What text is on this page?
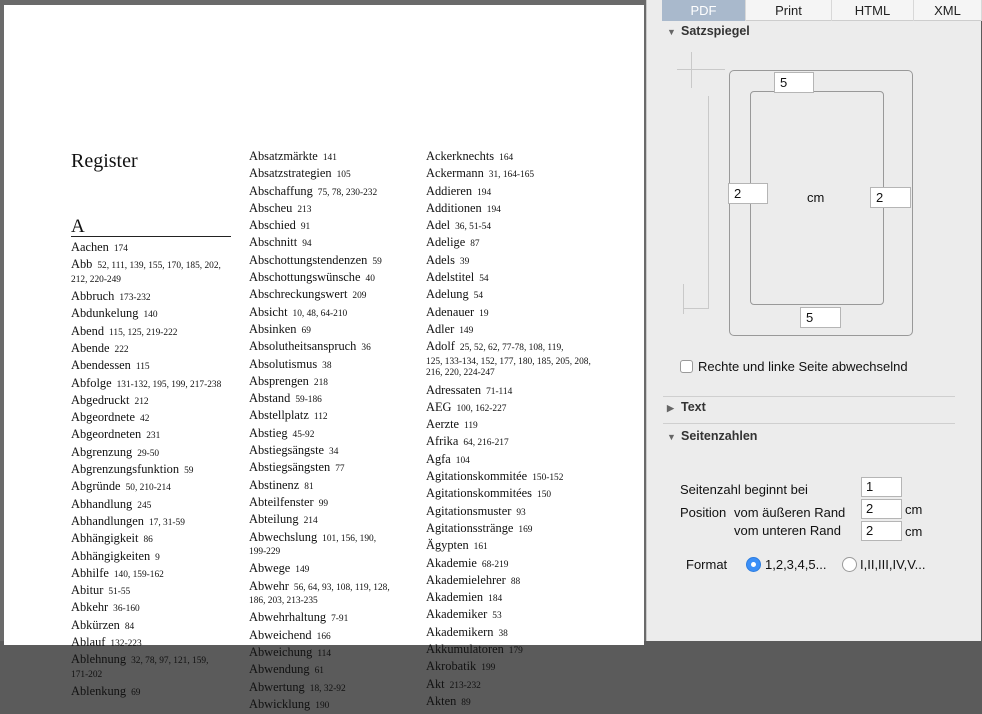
Register
A
Aachen 174
Abb 52, 111, 139, 155, 170, 185, 202,
212, 220-249
Abbruch 173-232
Abdunkelung 140
Abend 115, 125, 219-222
Abende 222
Abendessen 115
Abfolge 131-132, 195, 199, 217-238
Abgedruckt 212
Abgeordnete 42
Abgeordneten 231
Abgrenzung 29-50
Abgrenzungsfunktion 59
Abgründe 50, 210-214
Abhandlung 245
Abhandlungen 17, 31-59
Abhängigkeit 86
Abhängigkeiten 9
Abhilfe 140, 159-162
Abitur 51-55
Abkehr 36-160
Abkürzen 84
Ablauf 132-223
Ablehnung 32, 78, 97, 121, 159,
171-202
Ablenkung 69
Absatzmärkte 141
Absatzstrategien 105
Abschaffung 75, 78, 230-232
Abscheu 213
Abschied 91
Abschnitt 94
Abschottungstendenzen 59
Abschottungswünsche 40
Abschreckungswert 209
Absicht 10, 48, 64-210
Absinken 69
Absolutheitsanspruch 36
Absolutismus 38
Absprengen 218
Abstand 59-186
Abstellplatz 112
Abstieg 45-92
Abstiegsängste 34
Abstiegsängsten 77
Abstinenz 81
Abteilfenster 99
Abteilung 214
Abwechslung 101, 156, 190,
199-229
Abwege 149
Abwehr 56, 64, 93, 108, 119, 128,
186, 203, 213-235
Abwehrhaltung 7-91
Abweichend 166
Abweichung 114
Abwendung 61
Abwertung 18, 32-92
Abwicklung 190
Ackerknechts 164
Ackermann 31, 164-165
Addieren 194
Additionen 194
Adel 36, 51-54
Adelige 87
Adels 39
Adelstitel 54
Adelung 54
Adenauer 19
Adler 149
Adolf 25, 52, 62, 77-78, 108, 119,
125, 133-134, 152, 177, 180, 185, 205, 208, 216, 220, 224-247
Adressaten 71-114
AEG 100, 162-227
Aerzte 119
Afrika 64, 216-217
Agfa 104
Agitationskommitée 150-152
Agitationskommitées 150
Agitationsmuster 93
Agitationsstränge 169
Ägypten 161
Akademie 68-219
Akademielehrer 88
Akademien 184
Akademiker 53
Akademikern 38
Akkumulatoren 179
Akrobatik 199
Akt 213-232
Akten 89
PDF	Print	HTML	XML
▼ Satzspiegel
5
2	cm	2
5
Rechte und linke Seite abwechselnd
▶ Text
▼ Seitenzahlen
Seitenzahl beginnt bei	1
Position vom äußeren Rand	2	cm
vom unteren Rand	2	cm
Format	1,2,3,4,5...	I,II,III,IV,V...
